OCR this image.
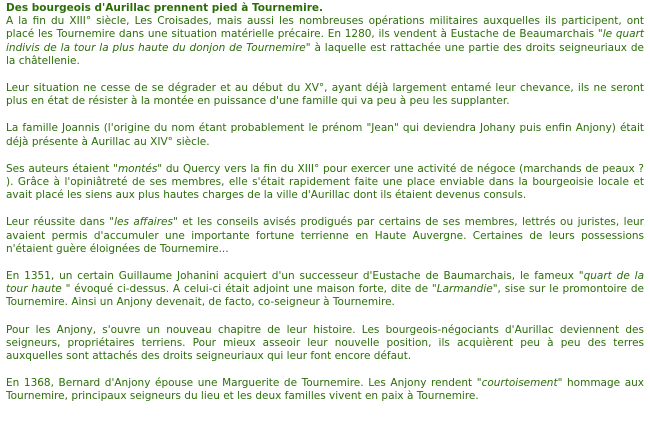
Des bourgeois d'Aurillac prennent pied à Tournemire.

A la fin du XIII° siècle, Les Croisades, mais aussi les nombreuses opérations militaires auxquelles ils participent, ont placé les Tournemire dans une situation matérielle précaire. En 1280, ils vendent à Eustache de Beaumarchais "le quart indivis de la tour la plus haute du donjon de Tournemire" à laquelle est rattachée une partie des droits seigneuriaux de la châtellenie.

Leur situation ne cesse de se dégrader et au début du XV°, ayant déjà largement entamé leur chevance, ils ne seront plus en état de résister à la montée en puissance d'une famille qui va peu à peu les supplanter.

La famille Joannis (l'origine du nom étant probablement le prénom "Jean" qui deviendra Johany puis enfin Anjony) était déjà présente à Aurillac au XIV° siècle.

Ses auteurs étaient "montés" du Quercy vers la fin du XIII° pour exercer une activité de négoce (marchands de peaux ? ). Grâce à l'opiniâtreté de ses membres, elle s'était rapidement faite une place enviable dans la bourgeoisie locale et avait placé les siens aux plus hautes charges de la ville d'Aurillac dont ils étaient devenus consuls.

Leur réussite dans "les affaires" et les conseils avisés prodigués par certains de ses membres, lettrés ou juristes, leur avaient permis d'accumuler une importante fortune terrienne en Haute Auvergne. Certaines de leurs possessions n'étaient guère éloignées de Tournemire...

En 1351, un certain Guillaume Johanini acquiert d'un successeur d'Eustache de Baumarchais, le fameux "quart de la tour haute " évoqué ci-dessus. A celui-ci était adjoint une maison forte, dite de "Larmandie", sise sur le promontoire de Tournemire. Ainsi un Anjony devenait, de facto, co-seigneur à Tournemire.

Pour les Anjony, s'ouvre un nouveau chapitre de leur histoire. Les bourgeois-négociants d'Aurillac deviennent des seigneurs, propriétaires terriens. Pour mieux asseoir leur nouvelle position, ils acquièrent peu à peu des terres auxquelles sont attachés des droits seigneuriaux qui leur font encore défaut.

En 1368, Bernard d'Anjony épouse une Marguerite de Tournemire. Les Anjony rendent "courtoisement" hommage aux Tournemire, principaux seigneurs du lieu et les deux familles vivent en paix à Tournemire.
